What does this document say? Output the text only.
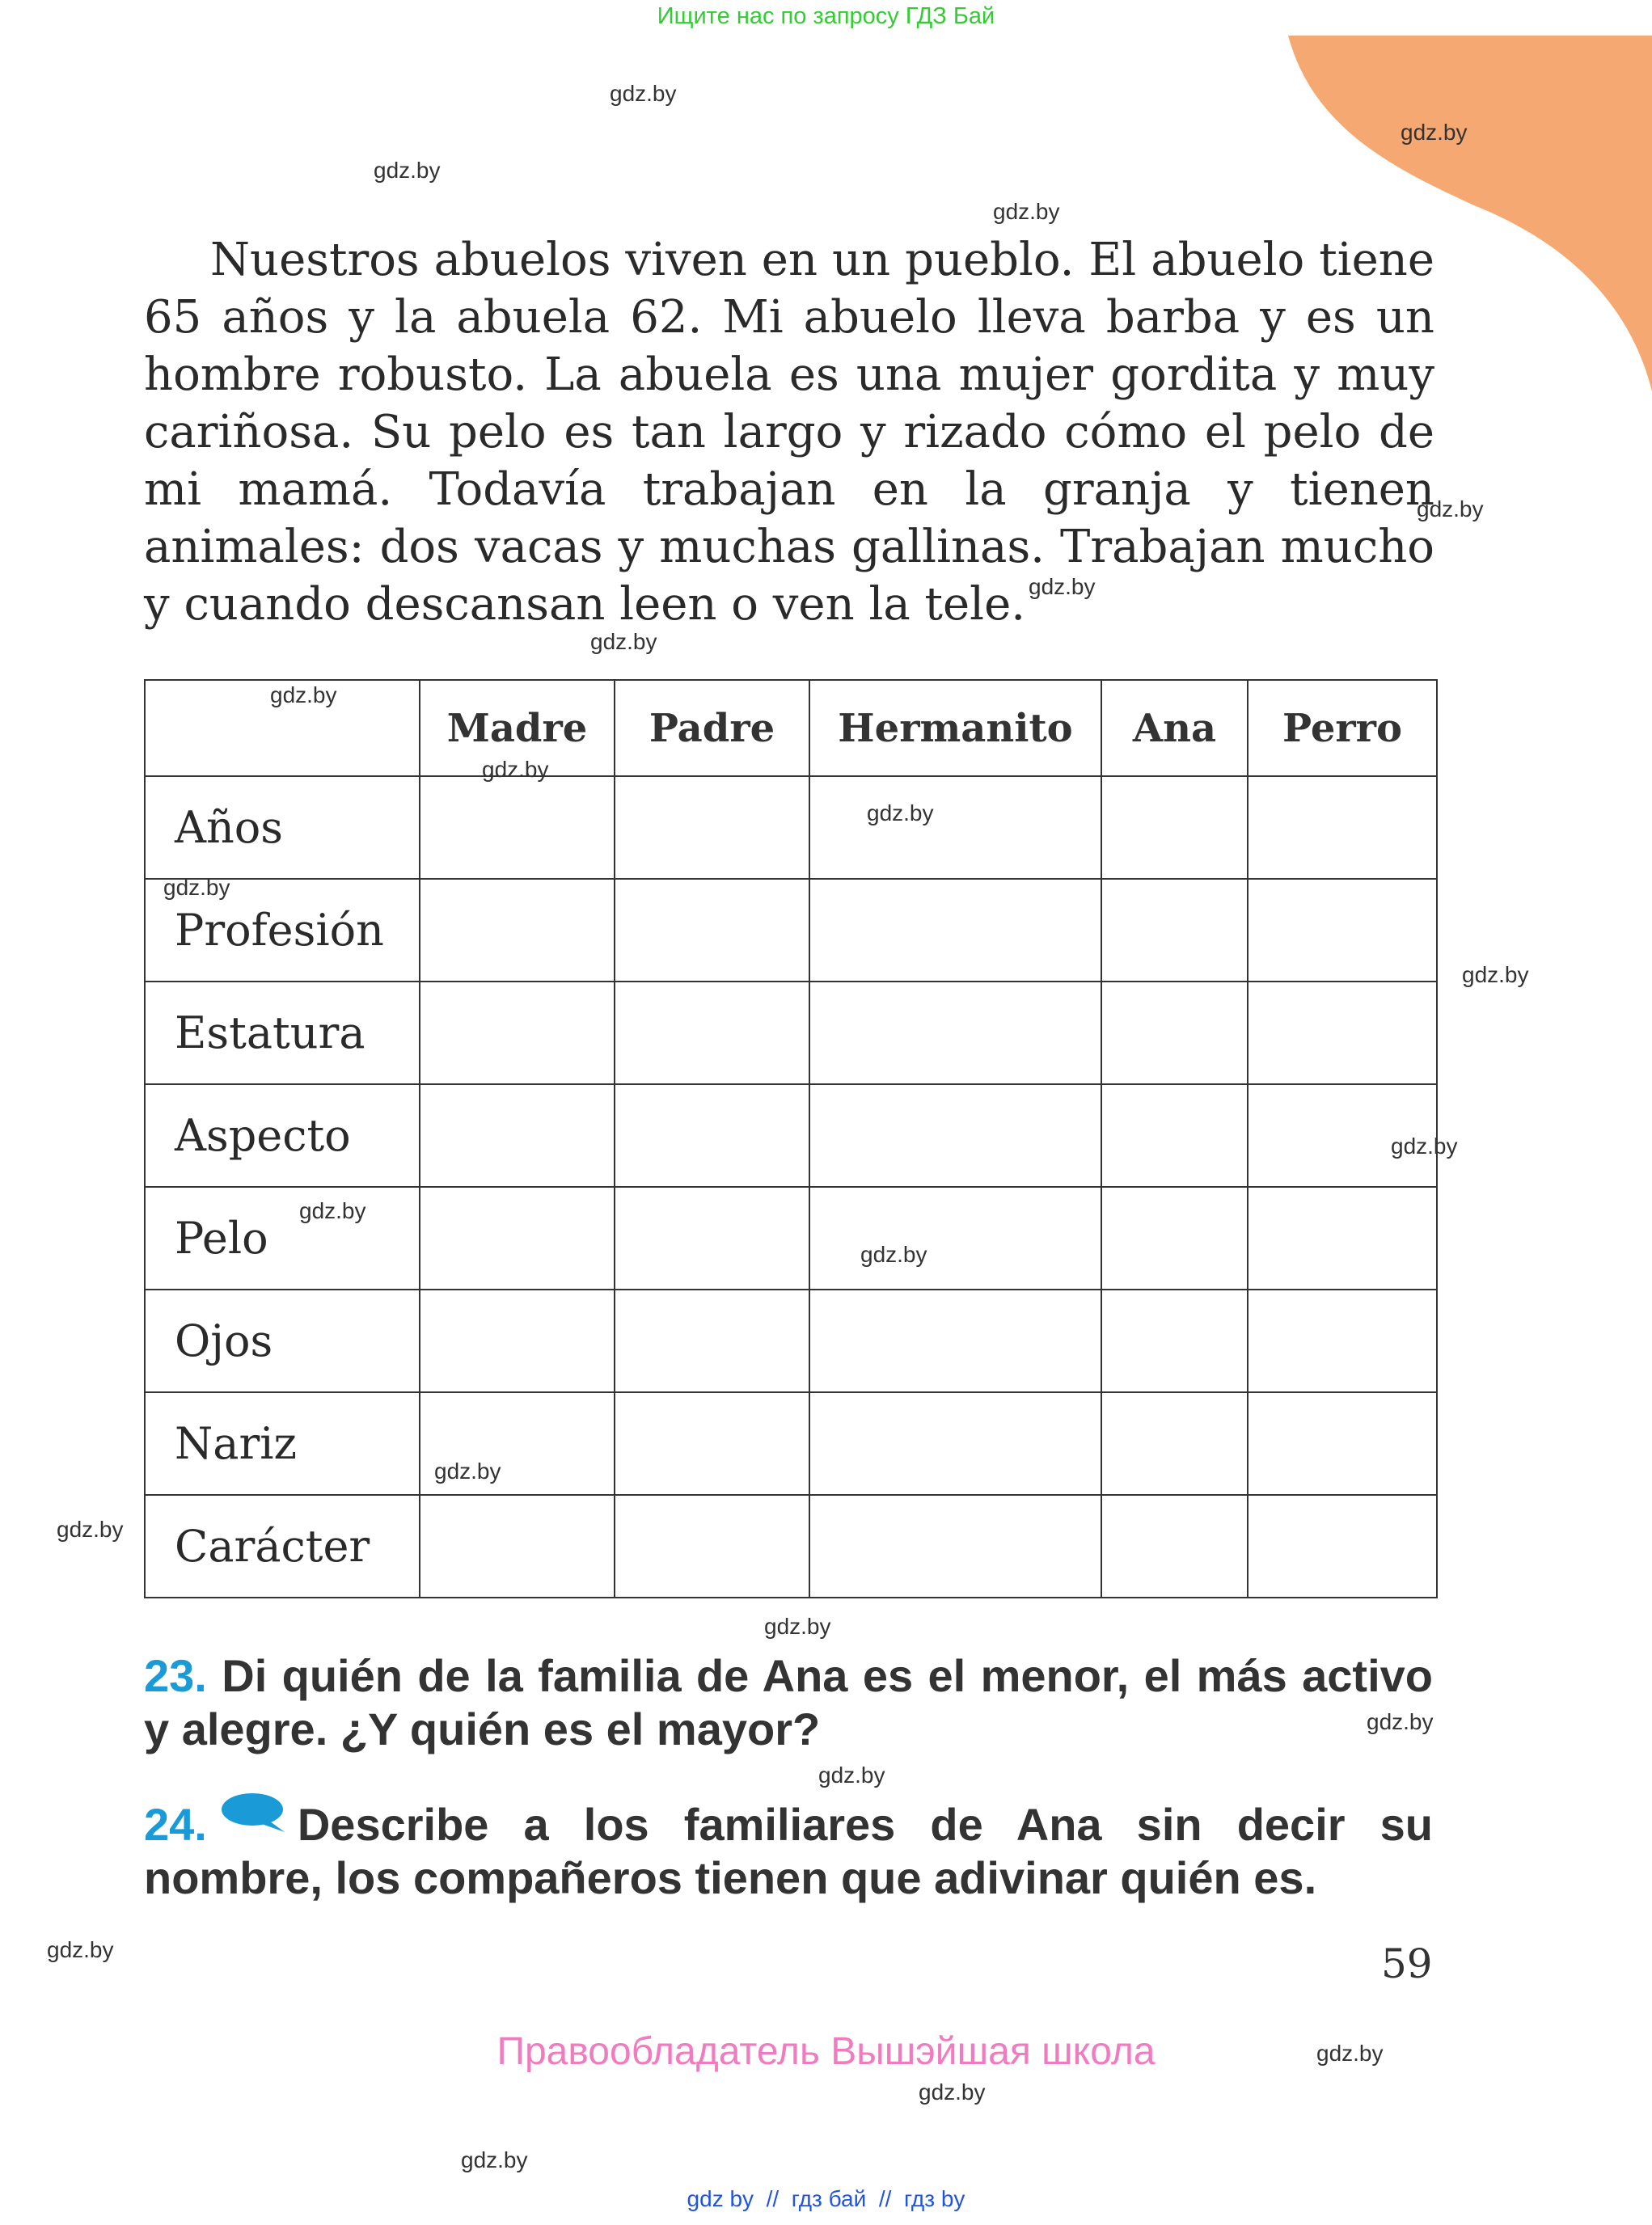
Ищите нас по запросу ГДЗ Бай
gdz.by
gdz.by
gdz.by
gdz.by
gdz.by
gdz.by
gdz.by
gdz.by
gdz.by
gdz.by
gdz.by
gdz.by
gdz.by
gdz.by
gdz.by
gdz.by
gdz.by
gdz.by
gdz.by
gdz.by
gdz.by
gdz.by
gdz.by
gdz.by

Nuestros abuelos viven en un pueblo. El abuelo tiene 65 años y la abuela 62. Mi abuelo lleva barba y es un hombre robusto. La abuela es una mujer gordita y muy cariñosa. Su pelo es tan largo y rizado cómo el pelo de mi mamá. Todavía trabajan en la granja y tienen animales: dos vacas y muchas gallinas. Trabajan mucho y cuando descansan leen o ven la tele.

	Madre	Padre	Hermanito	Ana	Perro
Años					
Profesión					
Estatura					
Aspecto					
Pelo					
Ojos					
Nariz					
Carácter					
23. Di quién de la familia de Ana es el menor, el más activo y alegre. ¿Y quién es el mayor?
24. Describe a los familiares de Ana sin decir su nombre, los compañeros tienen que adivinar quién es.
59
Правообладатель Вышэйшая школа
gdz by // гдз бай // гдз by
